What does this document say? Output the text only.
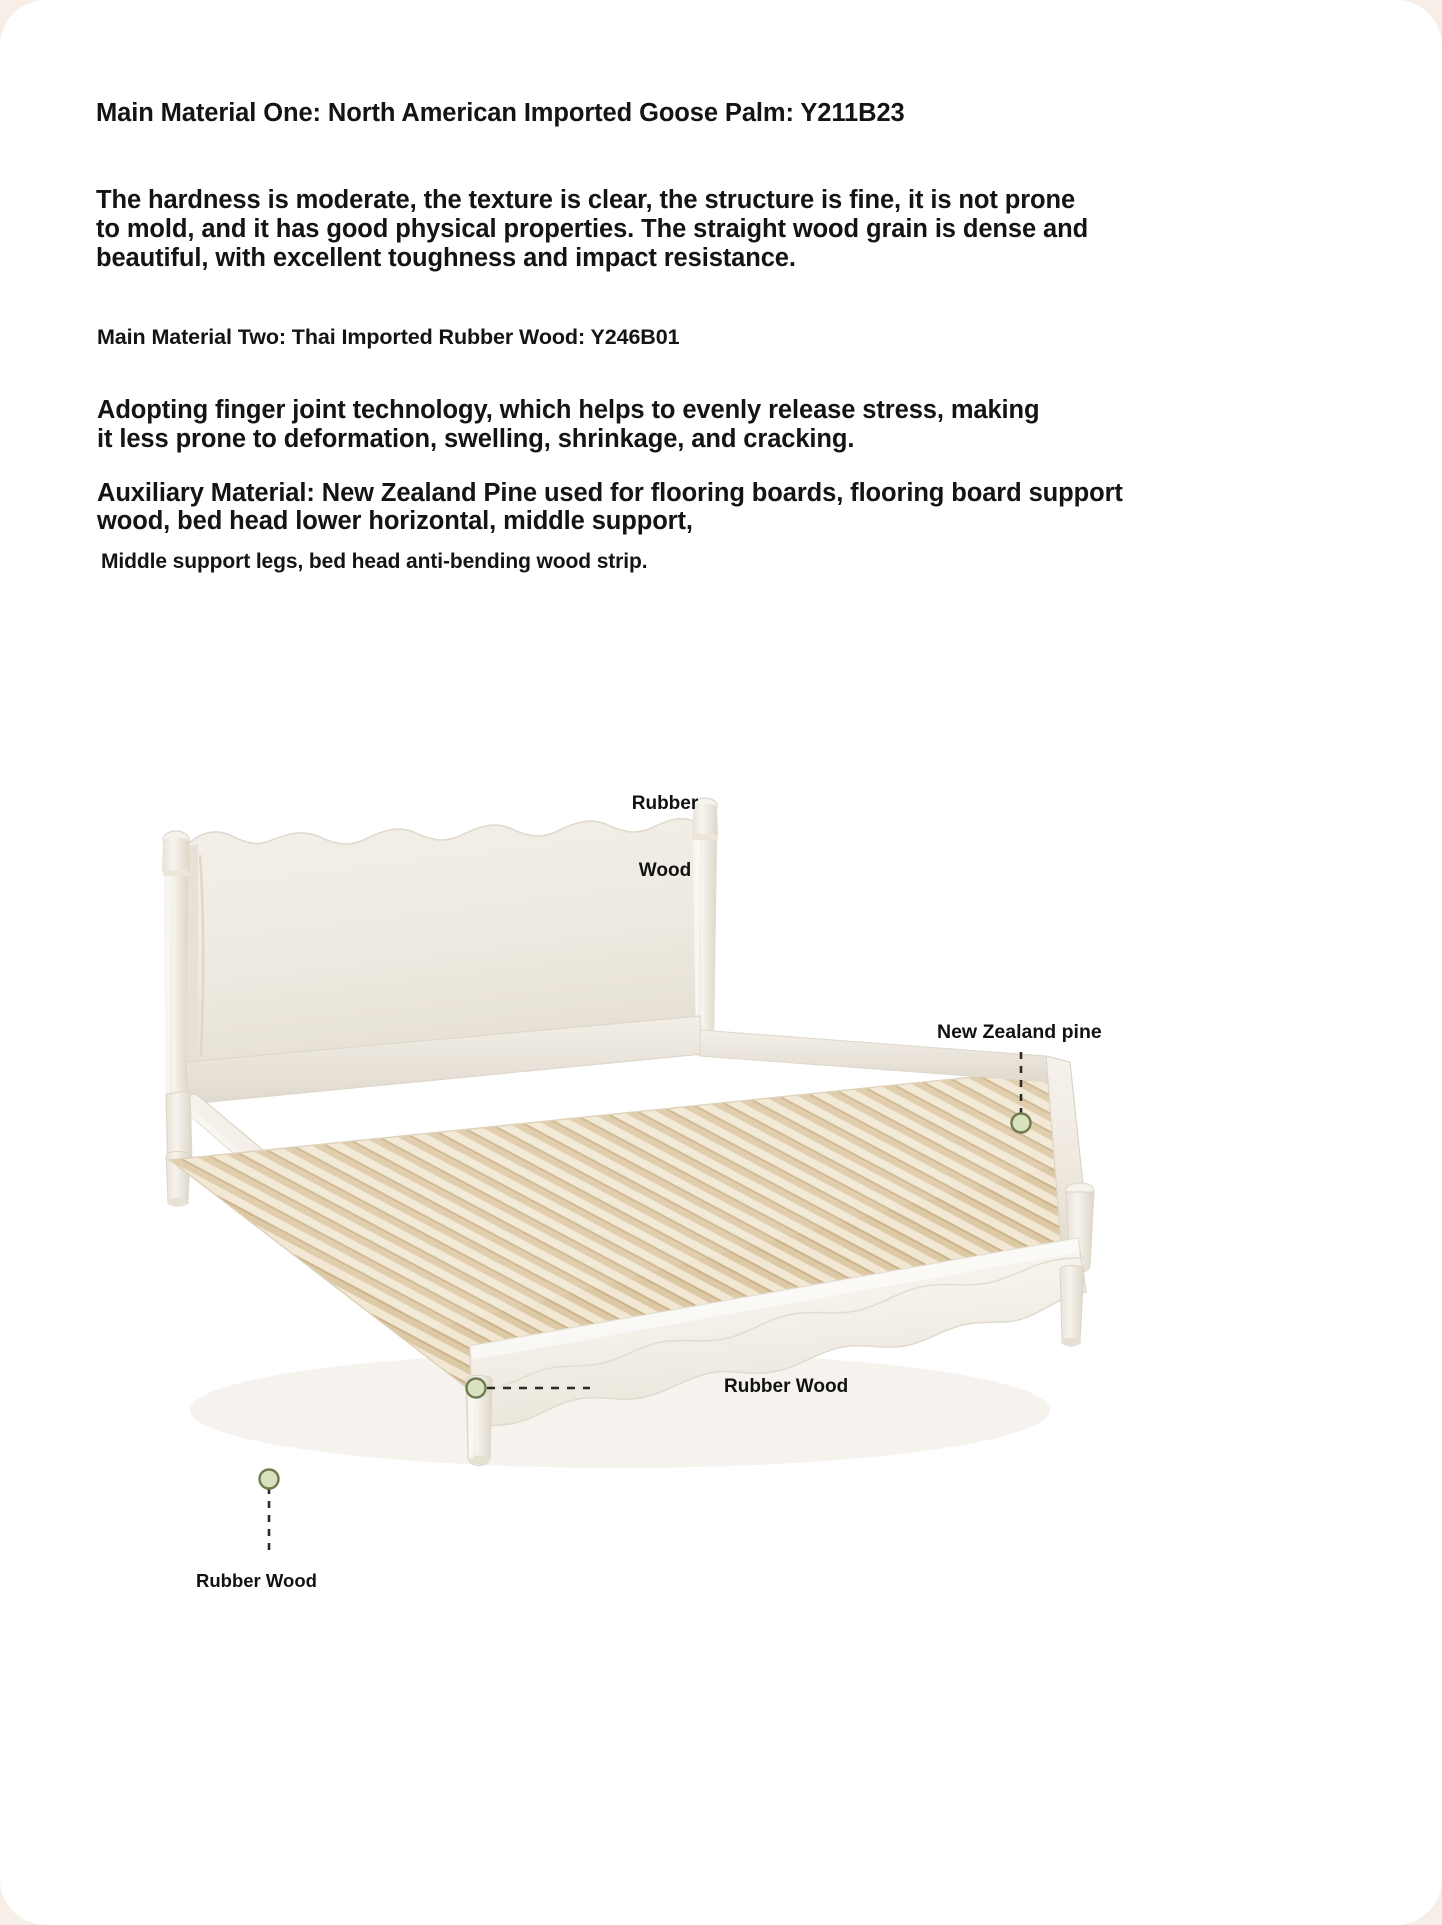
Main Material One: North American Imported Goose Palm: Y211B23
The hardness is moderate, the texture is clear, the structure is fine, it is not prone
to mold, and it has good physical properties. The straight wood grain is dense and
beautiful, with excellent toughness and impact resistance.
Main Material Two: Thai Imported Rubber Wood: Y246B01
Adopting finger joint technology, which helps to evenly release stress, making
it less prone to deformation, swelling, shrinkage, and cracking.
Auxiliary Material: New Zealand Pine used for flooring boards, flooring board support
wood, bed head lower horizontal, middle support,
Middle support legs, bed head anti-bending wood strip.

Rubber

Wood

New Zealand pine
Rubber Wood
Rubber Wood
